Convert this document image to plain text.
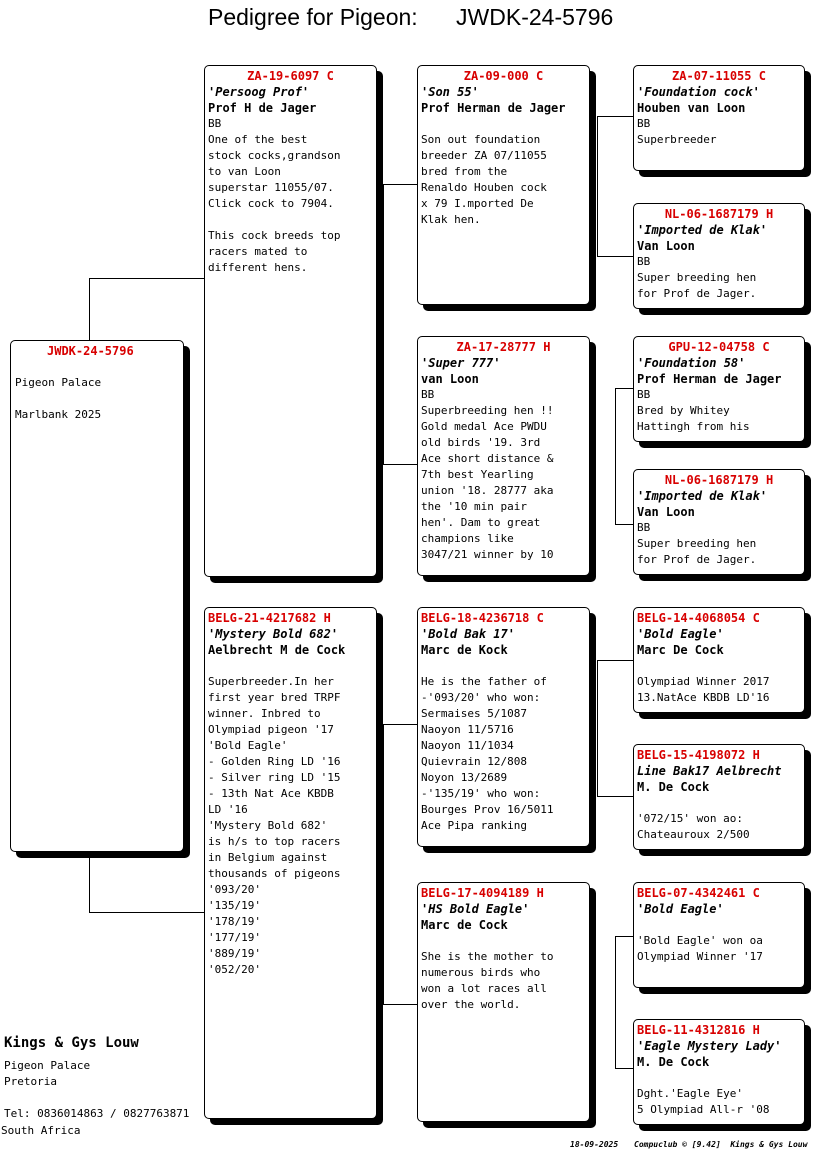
Pedigree for Pigeon: JWDK-24-5796
JWDK-24-5796
Pigeon Palace
Marlbank 2025
ZA-19-6097 C
'Persoog Prof'
Prof H de Jager
BB
One of the best
stock cocks,grandson
to van Loon
superstar 11055/07.
Click cock to 7904.
This cock breeds top
racers mated to
different hens.
BELG-21-4217682 H
'Mystery Bold 682'
Aelbrecht M de Cock
Superbreeder.In her
first year bred TRPF
winner. Inbred to
Olympiad pigeon '17
'Bold Eagle'
- Golden Ring LD '16
- Silver ring LD '15
- 13th Nat Ace KBDB
LD '16
'Mystery Bold 682'
is h/s to top racers
in Belgium against
thousands of pigeons
'093/20'
'135/19'
'178/19'
'177/19'
'889/19'
'052/20'
ZA-09-000 C
'Son 55'
Prof Herman de Jager
Son out foundation
breeder ZA 07/11055
bred from the
Renaldo Houben cock
x 79 I.mported De
Klak hen.
ZA-17-28777 H
'Super 777'
van Loon
BB
Superbreeding hen !!
Gold medal Ace PWDU
old birds '19. 3rd
Ace short distance &
7th best Yearling
union '18. 28777 aka
the '10 min pair
hen'. Dam to great
champions like
3047/21 winner by 10
BELG-18-4236718 C
'Bold Bak 17'
Marc de Kock
He is the father of
-'093/20' who won:
Sermaises 5/1087
Naoyon 11/5716
Naoyon 11/1034
Quievrain 12/808
Noyon 13/2689
-'135/19' who won:
Bourges Prov 16/5011
Ace Pipa ranking
BELG-17-4094189 H
'HS Bold Eagle'
Marc de Cock
She is the mother to
numerous birds who
won a lot races all
over the world.
ZA-07-11055 C
'Foundation cock'
Houben van Loon
BB
Superbreeder
NL-06-1687179 H
'Imported de Klak'
Van Loon
BB
Super breeding hen
for Prof de Jager.
GPU-12-04758 C
'Foundation 58'
Prof Herman de Jager
BB
Bred by Whitey
Hattingh from his
NL-06-1687179 H
'Imported de Klak'
Van Loon
BB
Super breeding hen
for Prof de Jager.
BELG-14-4068054 C
'Bold Eagle'
Marc De Cock
Olympiad Winner 2017
13.NatAce KBDB LD'16
BELG-15-4198072 H
Line Bak17 Aelbrecht
M. De Cock
'072/15' won ao:
Chateauroux 2/500
BELG-07-4342461 C
'Bold Eagle'
'Bold Eagle' won oa
Olympiad Winner '17
BELG-11-4312816 H
'Eagle Mystery Lady'
M. De Cock
Dght.'Eagle Eye'
5 Olympiad All-r '08
Kings & Gys Louw
Pigeon Palace
Pretoria
Tel: 0836014863 / 0827763871
South Africa
18-09-2025 Compuclub © [9.42]  Kings & Gys Louw
